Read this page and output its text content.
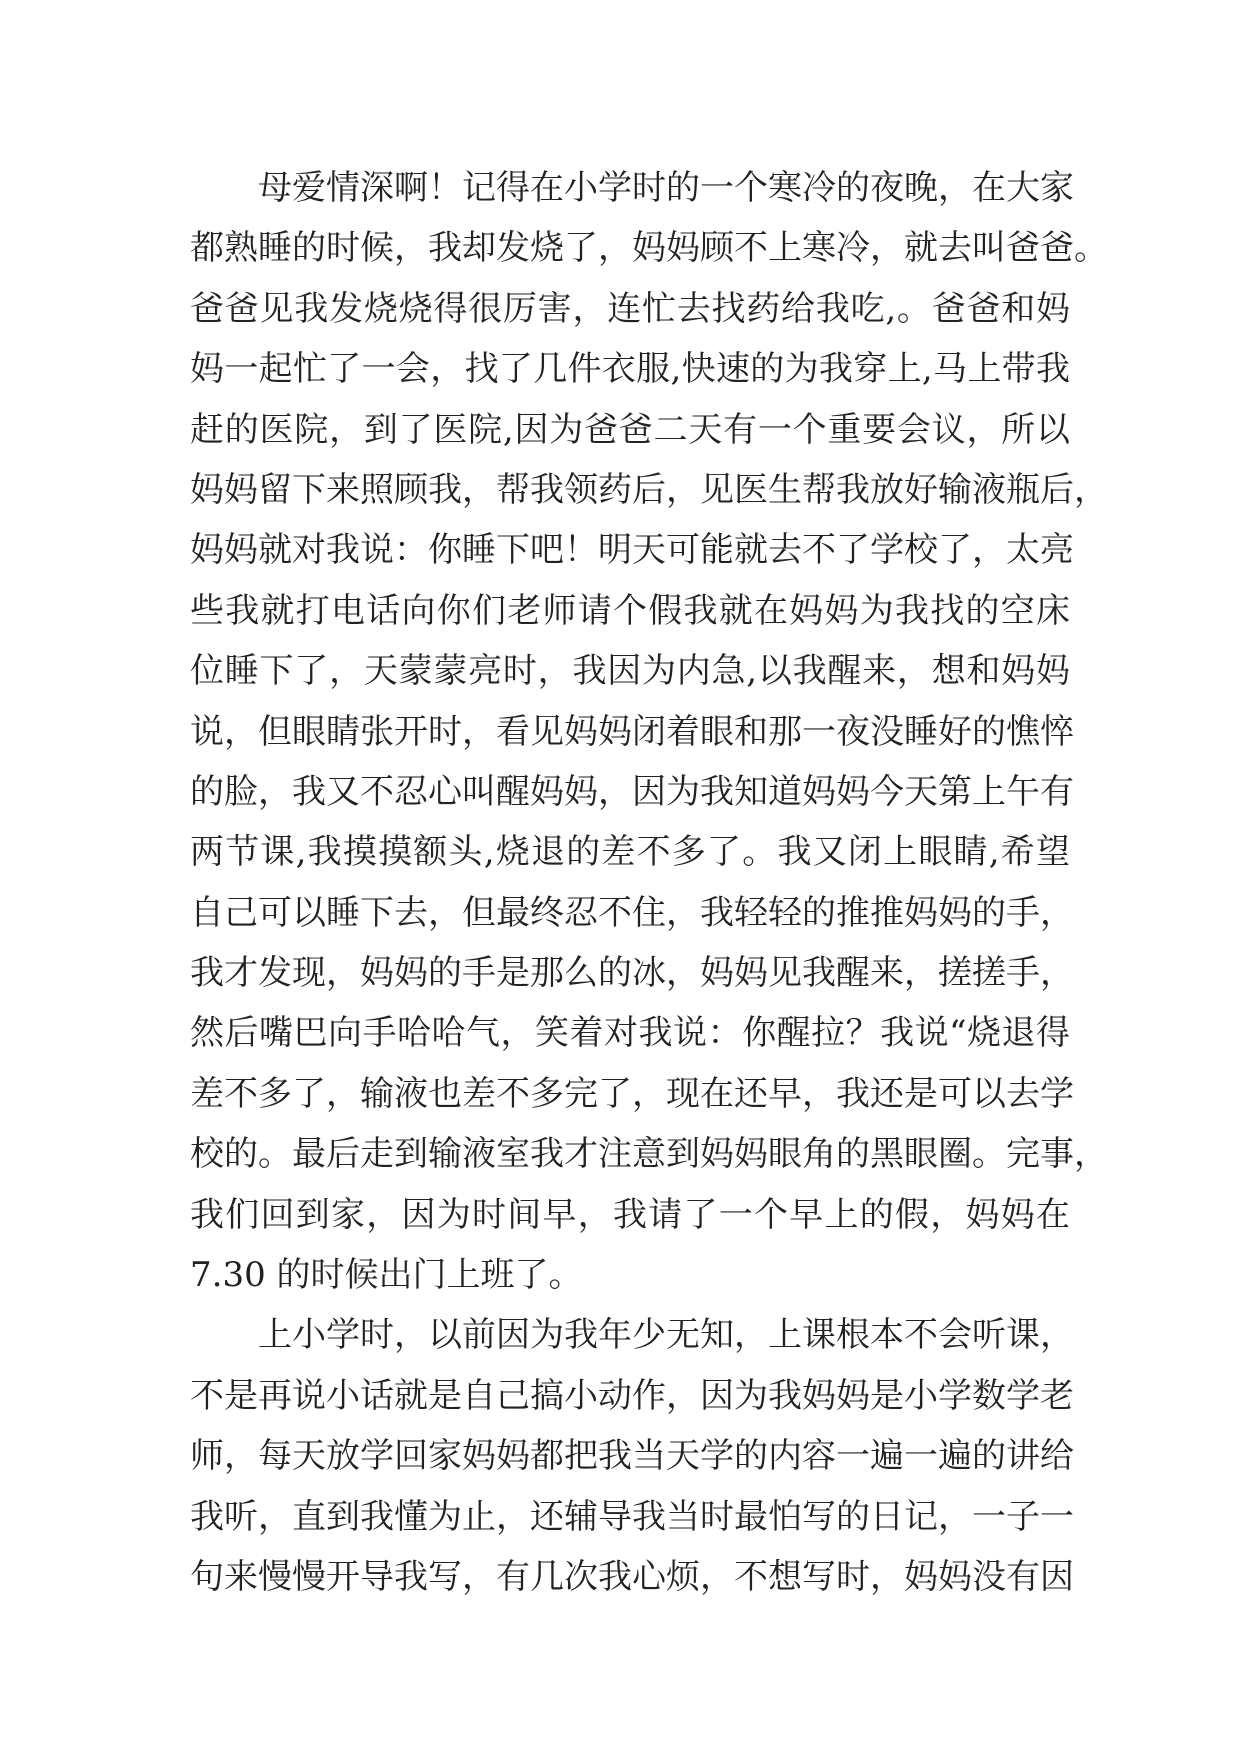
母爱情深啊！记得在小学时的一个寒冷的夜晚，在大家
都熟睡的时候，我却发烧了，妈妈顾不上寒冷，就去叫爸爸。
爸爸见我发烧烧得很厉害，连忙去找药给我吃,。爸爸和妈
妈一起忙了一会，找了几件衣服,快速的为我穿上,马上带我
赶的医院，到了医院,因为爸爸二天有一个重要会议，所以
妈妈留下来照顾我，帮我领药后，见医生帮我放好输液瓶后，
妈妈就对我说：你睡下吧！明天可能就去不了学校了，太亮
些我就打电话向你们老师请个假我就在妈妈为我找的空床
位睡下了，天蒙蒙亮时，我因为内急,以我醒来，想和妈妈
说，但眼睛张开时，看见妈妈闭着眼和那一夜没睡好的憔悴
的脸，我又不忍心叫醒妈妈，因为我知道妈妈今天第上午有
两节课,我摸摸额头,烧退的差不多了。我又闭上眼睛,希望
自己可以睡下去，但最终忍不住，我轻轻的推推妈妈的手，
我才发现，妈妈的手是那么的冰，妈妈见我醒来，搓搓手，
然后嘴巴向手哈哈气，笑着对我说：你醒拉？我说“烧退得
差不多了，输液也差不多完了，现在还早，我还是可以去学
校的。最后走到输液室我才注意到妈妈眼角的黑眼圈。完事，
我们回到家，因为时间早，我请了一个早上的假，妈妈在
7.30 的时候出门上班了。
上小学时，以前因为我年少无知，上课根本不会听课，
不是再说小话就是自己搞小动作，因为我妈妈是小学数学老
师，每天放学回家妈妈都把我当天学的内容一遍一遍的讲给
我听，直到我懂为止，还辅导我当时最怕写的日记，一子一
句来慢慢开导我写，有几次我心烦，不想写时，妈妈没有因
